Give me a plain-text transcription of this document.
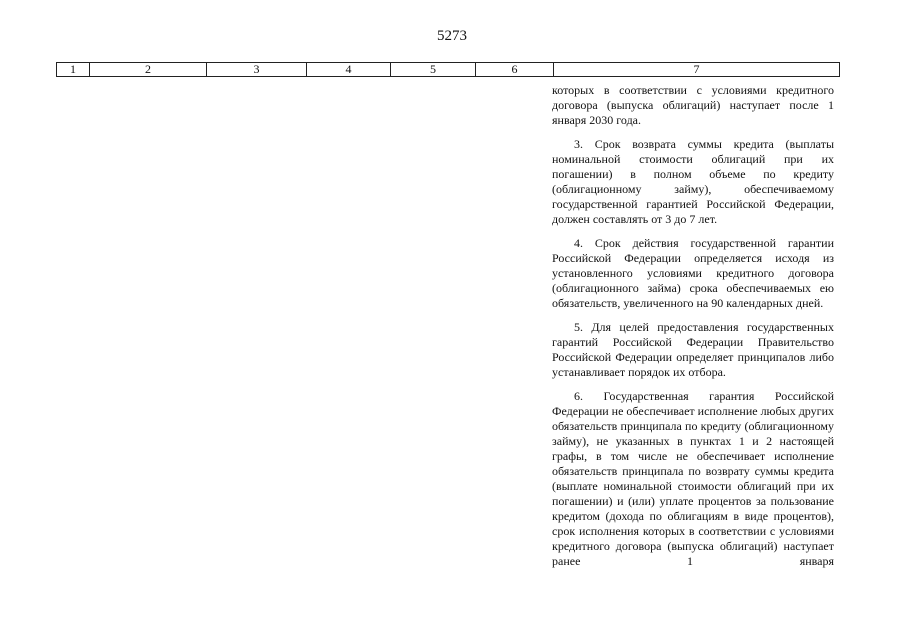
5273
1	2	3	4	5	6	7

которых в соответствии с условиями кредитного договора (выпуска облигаций) наступает после 1 января 2030 года.

3. Срок возврата суммы кредита (выплаты номинальной стоимости облигаций при их погашении) в полном объеме по кредиту (облигационному займу), обеспечиваемому государственной гарантией Российской Федерации, должен составлять от 3 до 7 лет.

4. Срок действия государственной гарантии Российской Федерации определяется исходя из установленного условиями кредитного договора (облигационного займа) срока обеспечиваемых ею обязательств, увеличенного на 90 календарных дней.

5. Для целей предоставления государственных гарантий Российской Федерации Правительство Российской Федерации определяет принципалов либо устанавливает порядок их отбора.

6. Государственная гарантия Российской Федерации не обеспечивает исполнение любых других обязательств принципала по кредиту (облигационному займу), не указанных в пунктах 1 и 2 настоящей графы, в том числе не обеспечивает исполнение обязательств принципала по возврату суммы кредита (выплате номинальной стоимости облигаций при их погашении) и (или) уплате процентов за пользование кредитом (дохода по облигациям в виде процентов), срок исполнения которых в соответствии с условиями кредитного договора (выпуска облигаций) наступает ранее 1 января
